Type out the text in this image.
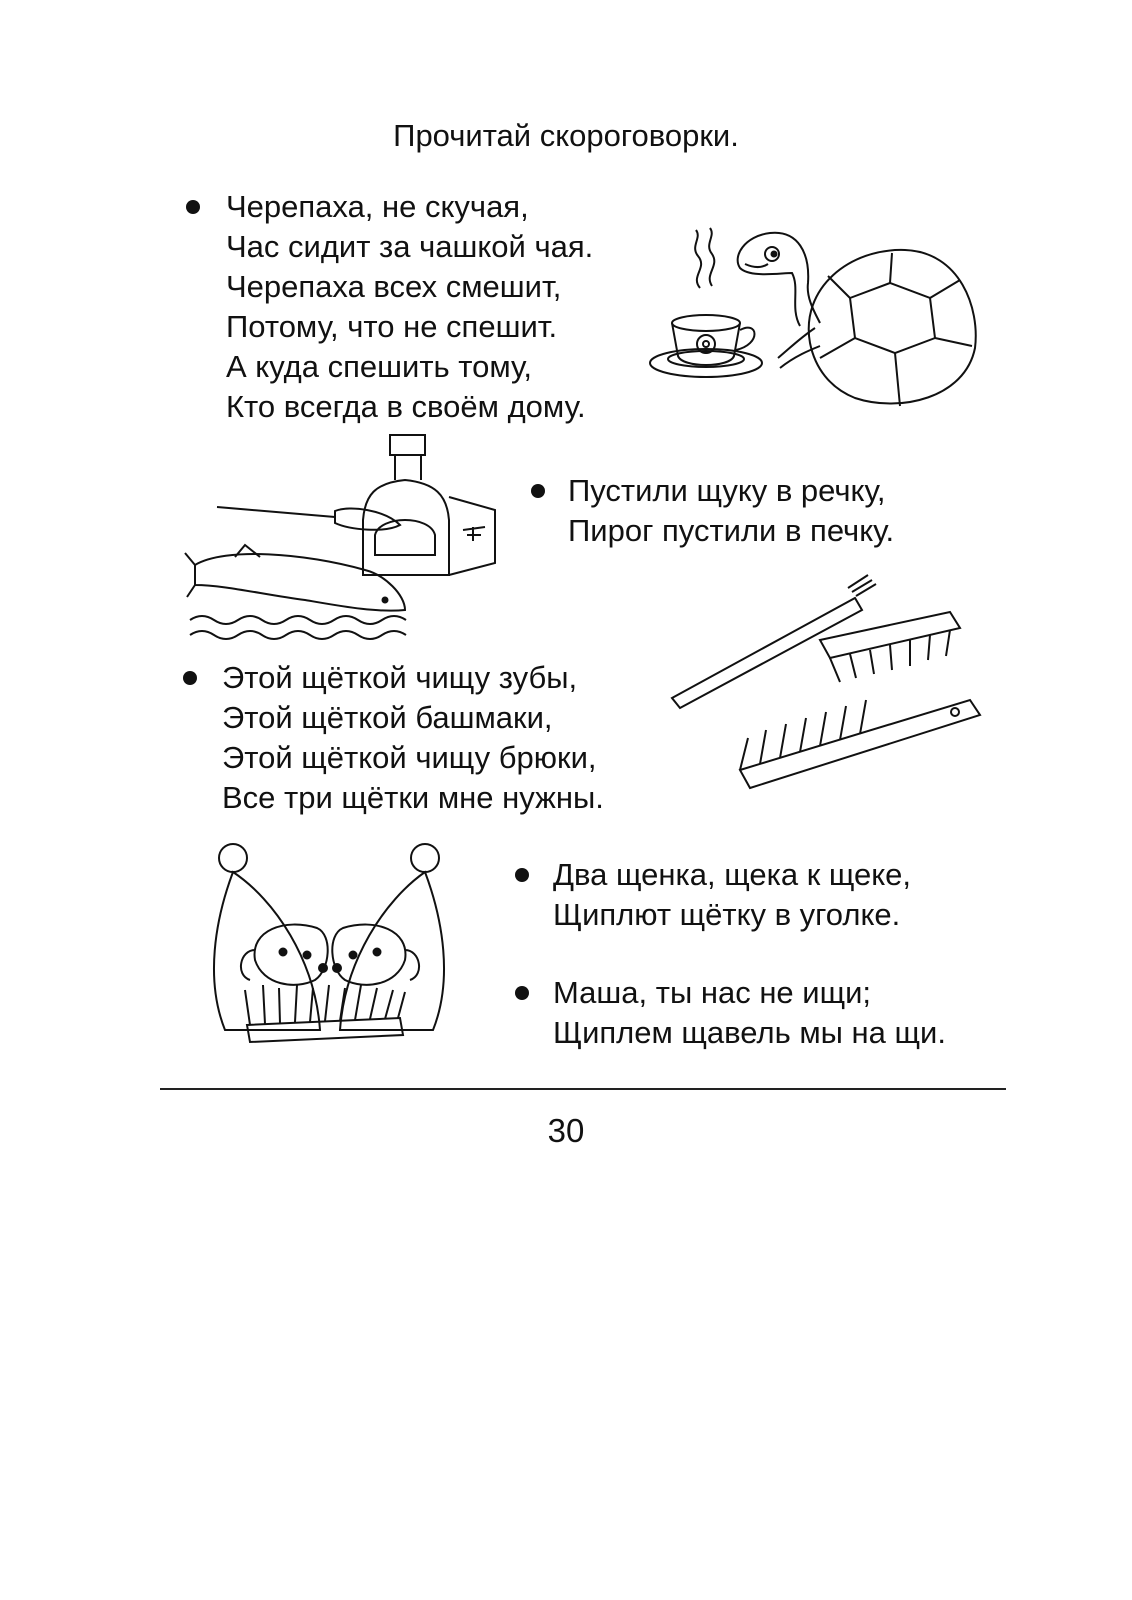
Прочитай скороговорки.
Черепаха, не скучая,
Час сидит за чашкой чая.
Черепаха всех смешит,
Потому, что не спешит.
А куда спешить тому,
Кто всегда в своём дому.
Пустили щуку в речку,
Пирог пустили в печку.
Этой щёткой чищу зубы,
Этой щёткой башмаки,
Этой щёткой чищу брюки,
Все три щётки мне нужны.
Два щенка, щека к щеке,
Щиплют щётку в уголке.
Маша, ты нас не ищи;
Щиплем щавель мы на щи.
30
